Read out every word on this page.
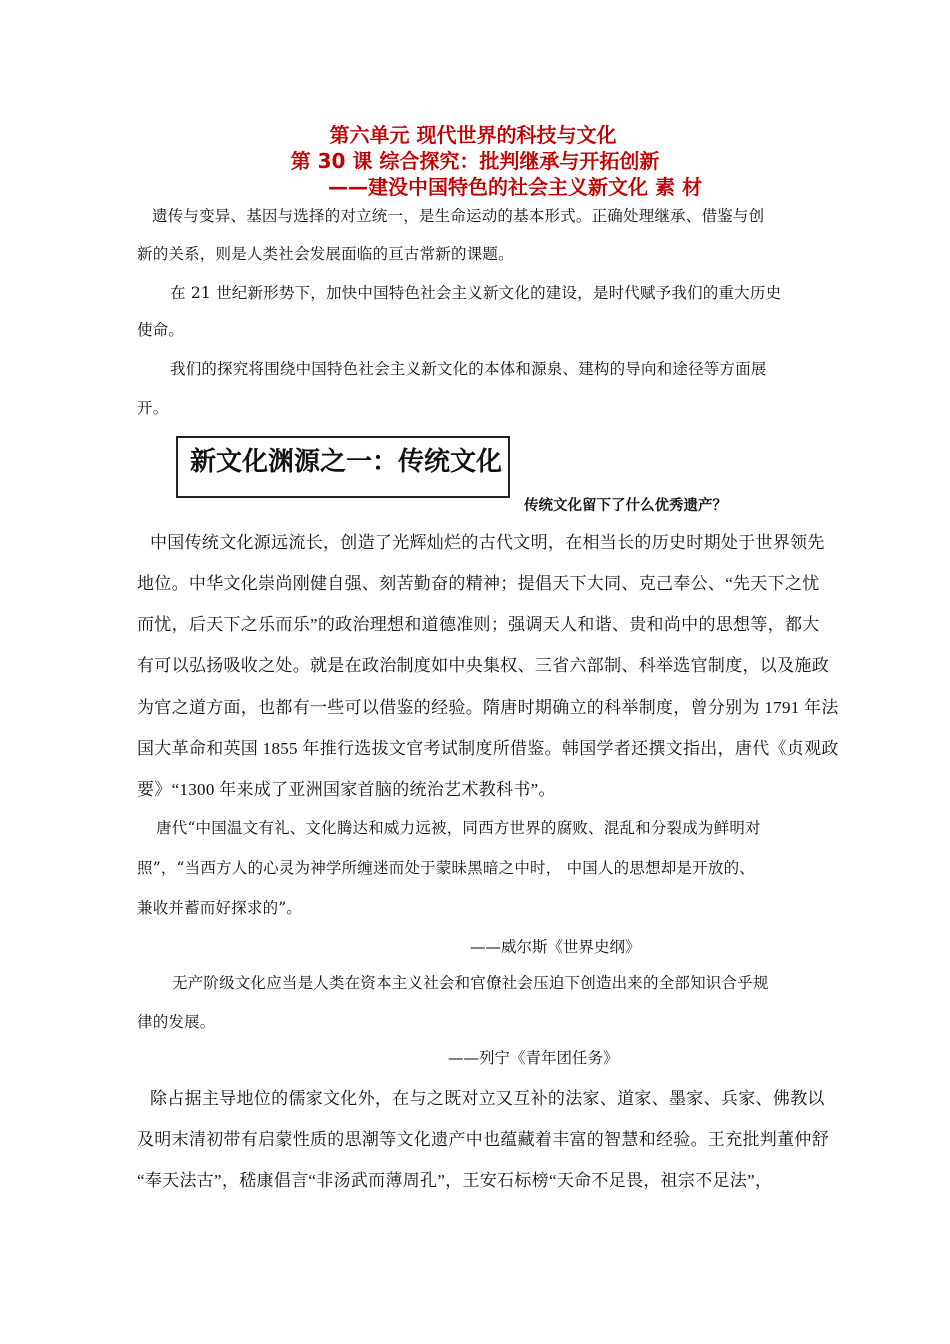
第六单元 现代世界的科技与文化
第 30 课 综合探究：批判继承与开拓创新
——建没中国特色的社会主义新文化 素 材

遗传与变异、基因与选择的对立统一，是生命运动的基本形式。正确处理继承、借鉴与创

新的关系，则是人类社会发展面临的亘古常新的课题。

在 21 世纪新形势下，加快中国特色社会主义新文化的建设，是时代赋予我们的重大历史

使命。

我们的探究将围绕中国特色社会主义新文化的本体和源泉、建构的导向和途径等方面展

开。

新文化渊源之一：传统文化

传统文化留下了什么优秀遗产？

中国传统文化源远流长，创造了光辉灿烂的古代文明，在相当长的历史时期处于世界领先

地位。中华文化崇尚刚健自强、刻苦勤奋的精神；提倡天下大同、克己奉公、“先天下之忧

而忧，后天下之乐而乐”的政治理想和道德准则；强调天人和谐、贵和尚中的思想等，都大

有可以弘扬吸收之处。就是在政治制度如中央集权、三省六部制、科举选官制度，以及施政

为官之道方面，也都有一些可以借鉴的经验。隋唐时期确立的科举制度，曾分别为 1791 年法

国大革命和英国 1855 年推行选拔文官考试制度所借鉴。韩国学者还撰文指出，唐代《贞观政

要》“1300 年来成了亚洲国家首脑的统治艺术教科书”。

唐代“中国温文有礼、文化腾达和威力远被，同西方世界的腐败、混乱和分裂成为鲜明对

照”，“当西方人的心灵为神学所缠迷而处于蒙昧黑暗之中时， 中国人的思想却是开放的、

兼收并蓄而好探求的”。

——威尔斯《世界史纲》

无产阶级文化应当是人类在资本主义社会和官僚社会压迫下创造出来的全部知识合乎规

律的发展。

——列宁《青年团任务》

除占据主导地位的儒家文化外，在与之既对立又互补的法家、道家、墨家、兵家、佛教以

及明末清初带有启蒙性质的思潮等文化遗产中也蕴藏着丰富的智慧和经验。王充批判董仲舒

“奉天法古”，嵇康倡言“非汤武而薄周孔”，王安石标榜“天命不足畏，祖宗不足法”，
